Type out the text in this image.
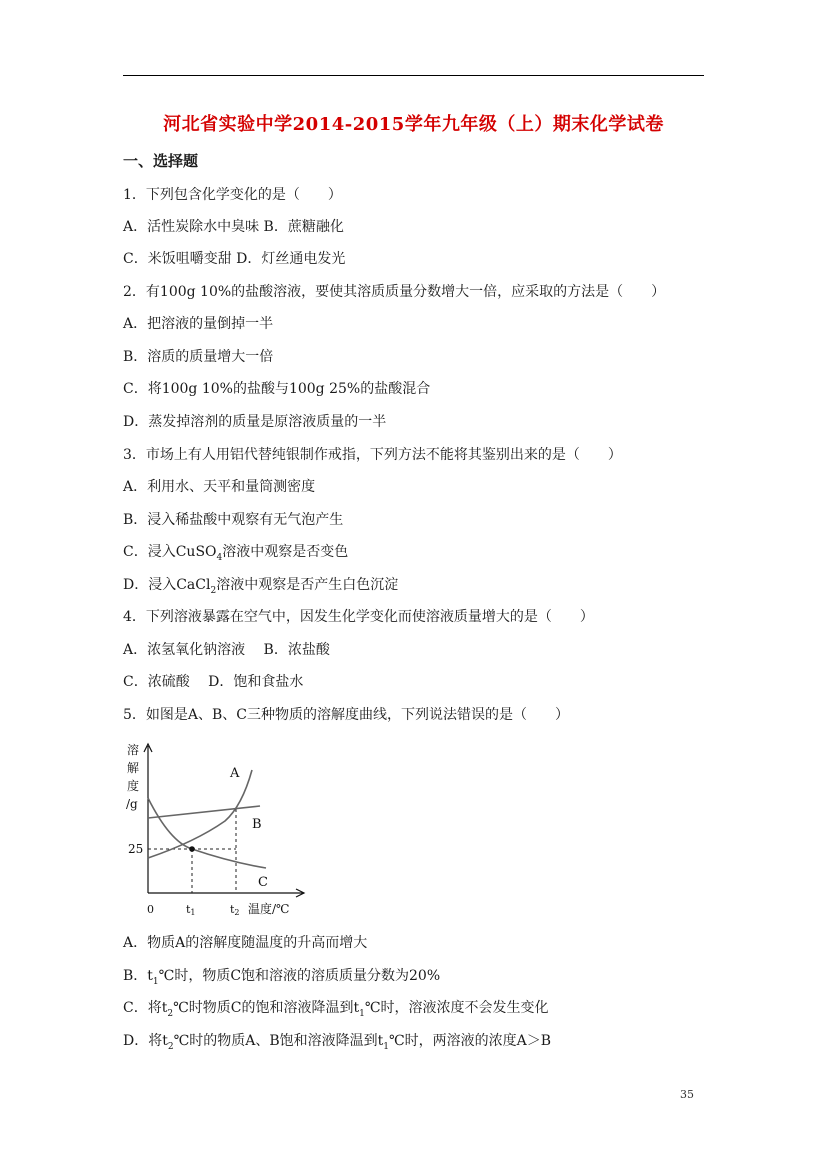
河北省实验中学2014-2015学年九年级（上）期末化学试卷
一、选择题
1．下列包含化学变化的是（　　）
A．活性炭除水中臭味 B．蔗糖融化
C．米饭咀嚼变甜 D．灯丝通电发光
2．有100g 10%的盐酸溶液，要使其溶质质量分数增大一倍，应采取的方法是（　　）
A．把溶液的量倒掉一半
B．溶质的质量增大一倍
C．将100g 10%的盐酸与100g 25%的盐酸混合
D．蒸发掉溶剂的质量是原溶液质量的一半
3．市场上有人用铝代替纯银制作戒指，下列方法不能将其鉴别出来的是（　　）
A．利用水、天平和量筒测密度
B．浸入稀盐酸中观察有无气泡产生
C．浸入CuSO$_4$溶液中观察是否变色
D．浸入CaCl$_2$溶液中观察是否产生白色沉淀
4．下列溶液暴露在空气中，因发生化学变化而使溶液质量增大的是（　　）
A．浓氢氧化钠溶液　 B．浓盐酸
C．浓硫酸　 D．饱和食盐水
5．如图是A、B、C三种物质的溶解度曲线，下列说法错误的是（　　）
A
B
C
溶
解
度
/g
25
0	t1	t2 温度/℃
A．物质A的溶解度随温度的升高而增大
B．$t_1℃$时，物质C饱和溶液的溶质质量分数为20%
C．将$t_2℃$时物质C的饱和溶液降温到$t_1℃$时，溶液浓度不会发生变化
D．将$t_2℃$时的物质A、B饱和溶液降温到$t_1℃$时，两溶液的浓度A＞B
35
